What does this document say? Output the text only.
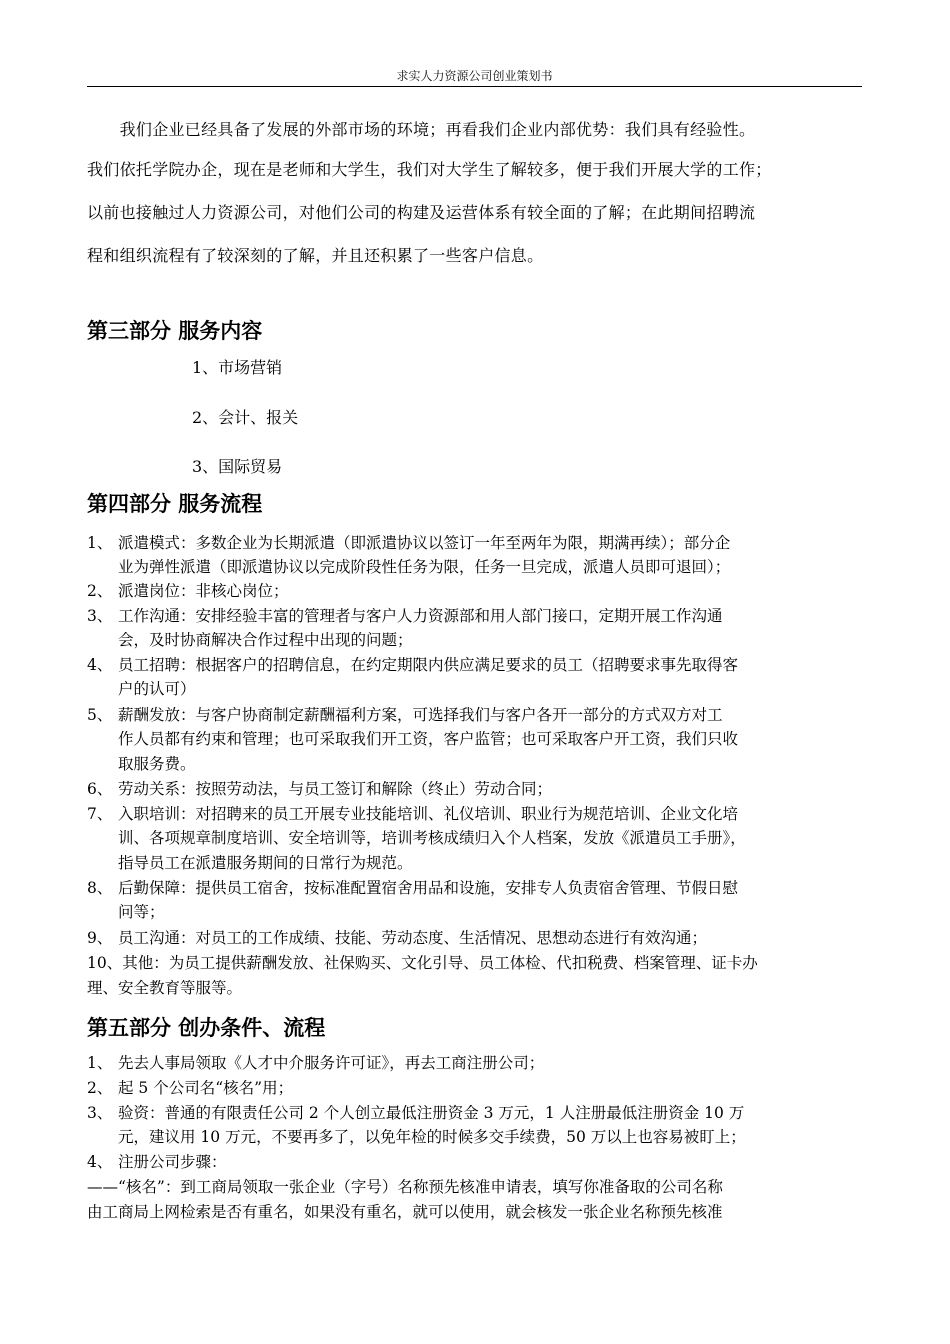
求实人力资源公司创业策划书
　　我们企业已经具备了发展的外部市场的环境；再看我们企业内部优势：我们具有经验性。
我们依托学院办企，现在是老师和大学生，我们对大学生了解较多，便于我们开展大学的工作；
以前也接触过人力资源公司，对他们公司的构建及运营体系有较全面的了解；在此期间招聘流
程和组织流程有了较深刻的了解，并且还积累了一些客户信息。
第三部分 服务内容
1、市场营销
2、会计、报关
3、国际贸易
第四部分 服务流程
1、 派遣模式：多数企业为长期派遣（即派遣协议以签订一年至两年为限，期满再续）；部分企
业为弹性派遣（即派遣协议以完成阶段性任务为限，任务一旦完成，派遣人员即可退回）；
2、 派遣岗位：非核心岗位；
3、 工作沟通：安排经验丰富的管理者与客户人力资源部和用人部门接口，定期开展工作沟通
会，及时协商解决合作过程中出现的问题；
4、 员工招聘：根据客户的招聘信息，在约定期限内供应满足要求的员工（招聘要求事先取得客
户的认可）
5、 薪酬发放：与客户协商制定薪酬福利方案，可选择我们与客户各开一部分的方式双方对工
作人员都有约束和管理；也可采取我们开工资，客户监管；也可采取客户开工资，我们只收
取服务费。
6、 劳动关系：按照劳动法，与员工签订和解除（终止）劳动合同；
7、 入职培训：对招聘来的员工开展专业技能培训、礼仪培训、职业行为规范培训、企业文化培
训、各项规章制度培训、安全培训等，培训考核成绩归入个人档案，发放《派遣员工手册》，
指导员工在派遣服务期间的日常行为规范。
8、 后勤保障：提供员工宿舍，按标准配置宿舍用品和设施，安排专人负责宿舍管理、节假日慰
问等；
9、 员工沟通：对员工的工作成绩、技能、劳动态度、生活情况、思想动态进行有效沟通；
10、其他：为员工提供薪酬发放、社保购买、文化引导、员工体检、代扣税费、档案管理、证卡办
理、安全教育等服等。
第五部分 创办条件、流程
1、 先去人事局领取《人才中介服务许可证》，再去工商注册公司；
2、 起 5 个公司名“核名”用；
3、 验资：普通的有限责任公司 2 个人创立最低注册资金 3 万元，1 人注册最低注册资金 10 万
元，建议用 10 万元，不要再多了，以免年检的时候多交手续费，50 万以上也容易被盯上；
4、 注册公司步骤：
——“核名”：到工商局领取一张企业（字号）名称预先核准申请表，填写你准备取的公司名称
由工商局上网检索是否有重名，如果没有重名，就可以使用，就会核发一张企业名称预先核准
